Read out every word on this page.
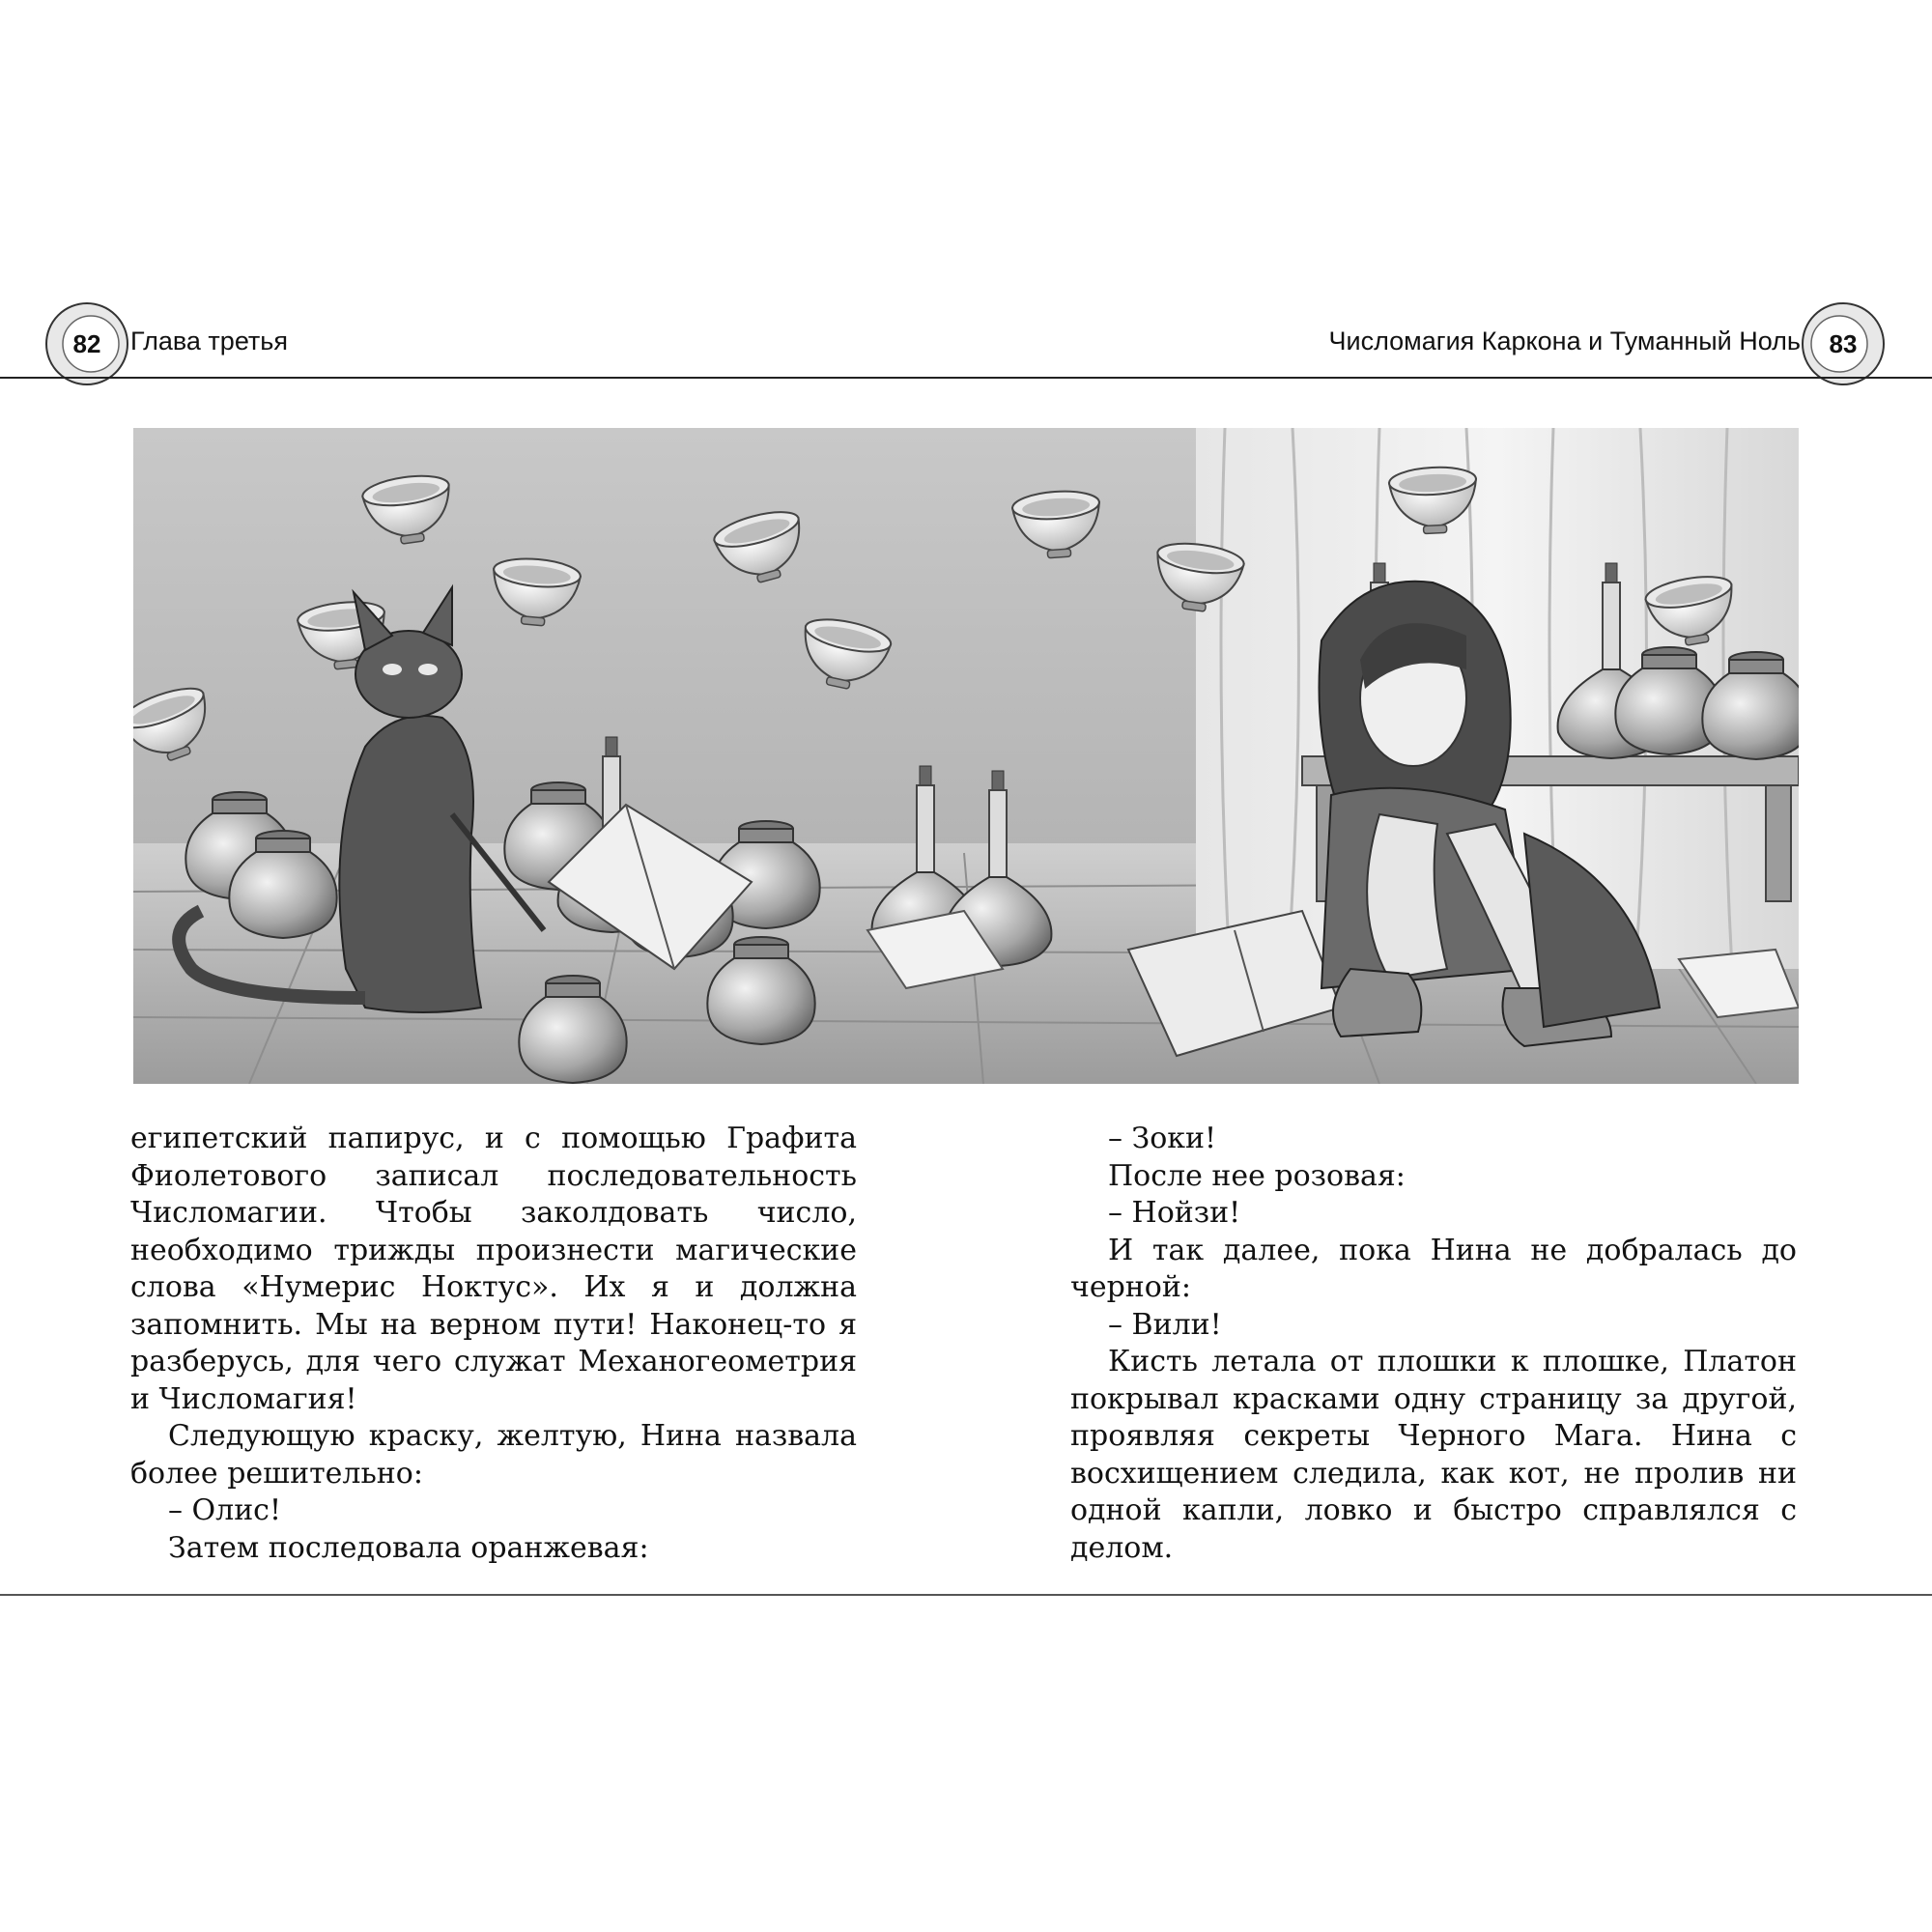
82	Глава третья	Числомагия Каркона и Туманный Ноль	83

египетский папирус, и с помощью Графита Фиолетового записал последовательность Числомагии. Чтобы заколдовать число, необходимо трижды произнести магические слова «Нумерис Ноктус». Их я и должна запомнить. Мы на верном пути! Наконец-то я разберусь, для чего служат Механогеометрия и Числомагия!

Следующую краску, желтую, Нина назвала более решительно:

– Олис!

Затем последовала оранжевая:

– Зоки!

После нее розовая:

– Нойзи!

И так далее, пока Нина не добралась до черной:

– Вили!

Кисть летала от плошки к плошке, Платон покрывал красками одну страницу за другой, проявляя секреты Черного Мага. Нина с восхищением следила, как кот, не пролив ни одной капли, ловко и быстро справлялся с делом.
